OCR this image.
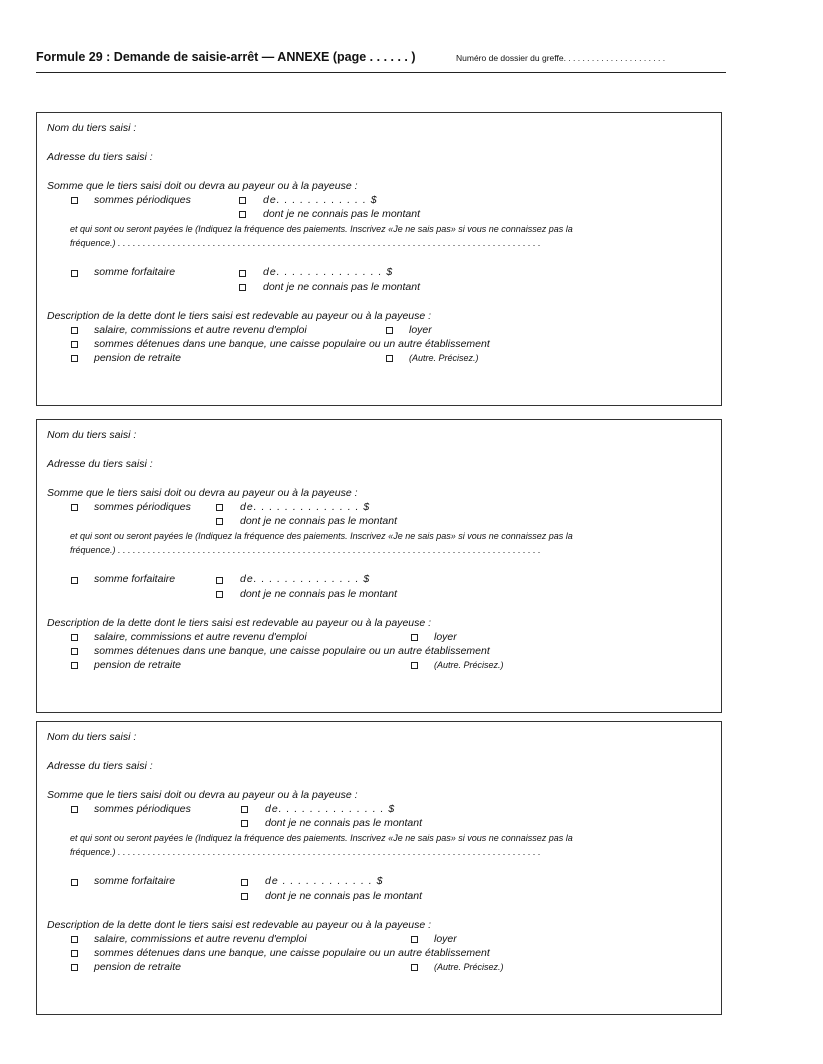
Formule 29 : Demande de saisie-arrêt — ANNEXE (page . . . . . . )	Numéro de dossier du greffe. . . . . . . . . . . . . . . . . . . . . .
Nom du tiers saisi :
Adresse du tiers saisi :
Somme que le tiers saisi doit ou devra au payeur ou à la payeuse :
sommes périodiques	de. . . . . . . . . . . . $
dont je ne connais pas le montant
et qui sont ou seront payées le (Indiquez la fréquence des paiements. Inscrivez «Je ne sais pas» si vous ne connaissez pas la
fréquence.) . . . . . . . . . . . . . . . . . . . . . . . . . . . . . . . . . . . . . . . . . . . . . . . . . . . . . . . . . . . . . . . . . . . . . . . . . . . . . . . . . . . . .
somme forfaitaire	de. . . . . . . . . . . . . . $
dont je ne connais pas le montant
Description de la dette dont le tiers saisi est redevable au payeur ou à la payeuse :
salaire, commissions et autre revenu d'emploi	loyer
sommes détenues dans une banque, une caisse populaire ou un autre établissement
pension de retraite	(Autre. Précisez.)
Nom du tiers saisi :
Adresse du tiers saisi :
Somme que le tiers saisi doit ou devra au payeur ou à la payeuse :
sommes périodiques	de. . . . . . . . . . . . . . $
dont je ne connais pas le montant
et qui sont ou seront payées le (Indiquez la fréquence des paiements. Inscrivez «Je ne sais pas» si vous ne connaissez pas la
fréquence.) . . . . . . . . . . . . . . . . . . . . . . . . . . . . . . . . . . . . . . . . . . . . . . . . . . . . . . . . . . . . . . . . . . . . . . . . . . . . . . . . . . . . .
somme forfaitaire	de. . . . . . . . . . . . . . $
dont je ne connais pas le montant
Description de la dette dont le tiers saisi est redevable au payeur ou à la payeuse :
salaire, commissions et autre revenu d'emploi	loyer
sommes détenues dans une banque, une caisse populaire ou un autre établissement
pension de retraite	(Autre. Précisez.)
Nom du tiers saisi :
Adresse du tiers saisi :
Somme que le tiers saisi doit ou devra au payeur ou à la payeuse :
sommes périodiques	de. . . . . . . . . . . . . . $
dont je ne connais pas le montant
et qui sont ou seront payées le (Indiquez la fréquence des paiements. Inscrivez «Je ne sais pas» si vous ne connaissez pas la
fréquence.) . . . . . . . . . . . . . . . . . . . . . . . . . . . . . . . . . . . . . . . . . . . . . . . . . . . . . . . . . . . . . . . . . . . . . . . . . . . . . . . . . . . . .
somme forfaitaire	de . . . . . . . . . . . . $
dont je ne connais pas le montant
Description de la dette dont le tiers saisi est redevable au payeur ou à la payeuse :
salaire, commissions et autre revenu d'emploi	loyer
sommes détenues dans une banque, une caisse populaire ou un autre établissement
pension de retraite	(Autre. Précisez.)
